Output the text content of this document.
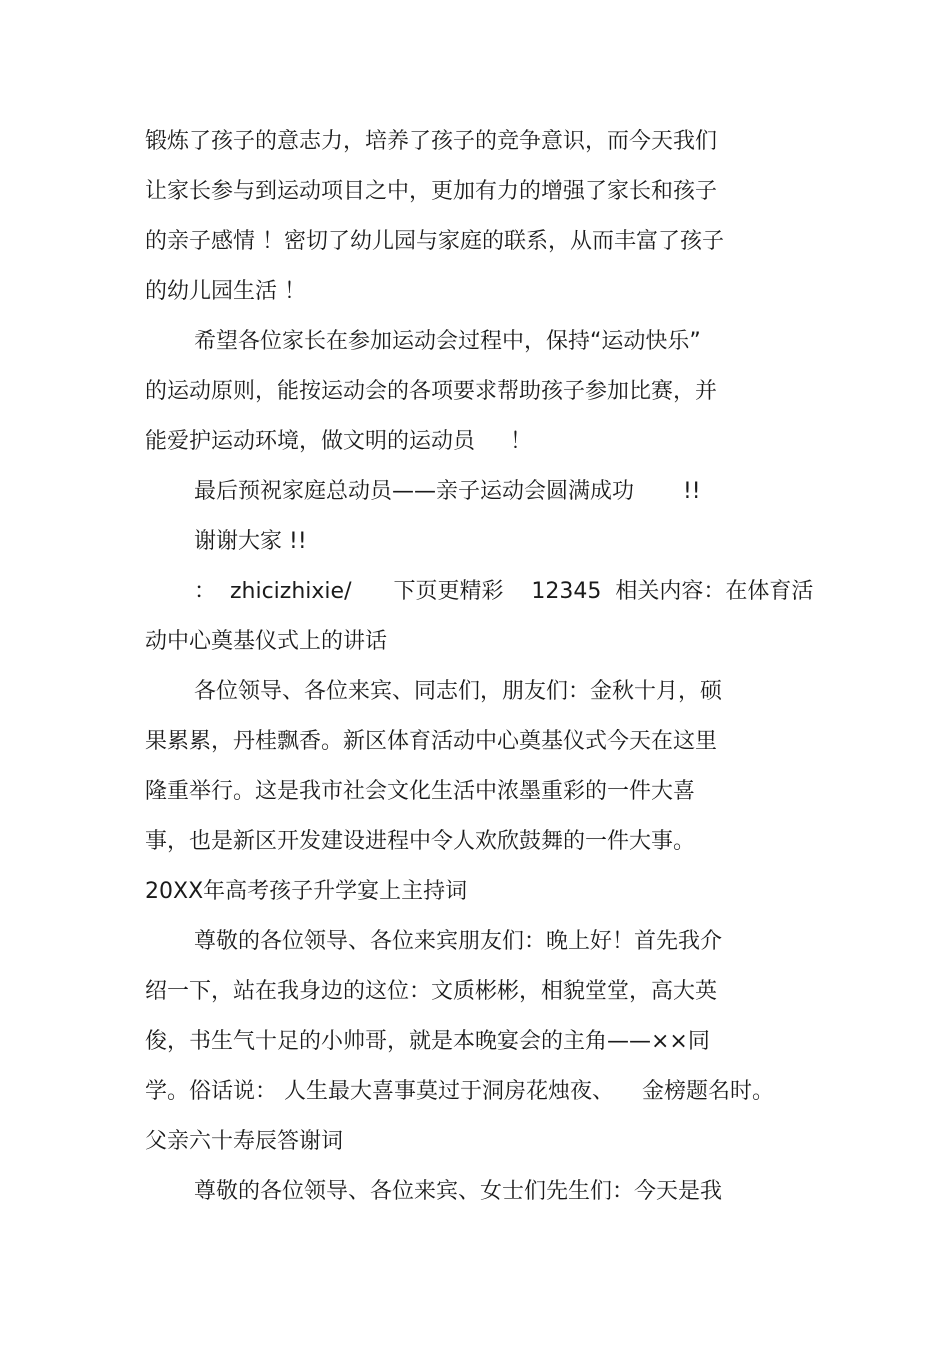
锻炼了孩子的意志力，培养了孩子的竞争意识，而今天我们
让家长参与到运动项目之中，更加有力的增强了家长和孩子
的亲子感情 ！密切了幼儿园与家庭的联系，从而丰富了孩子
的幼儿园生活 ！
希望各位家长在参加运动会过程中，保持“运动快乐”
的运动原则，能按运动会的各项要求帮助孩子参加比赛，并
能爱护运动环境，做文明的运动员     ！
最后预祝家庭总动员——亲子运动会圆满成功       !!
谢谢大家 !!
：  zhicizhixie/      下页更精彩    12345  相关内容：在体育活
动中心奠基仪式上的讲话
各位领导、各位来宾、同志们，朋友们：金秋十月，硕
果累累，丹桂飘香。新区体育活动中心奠基仪式今天在这里
隆重举行。这是我市社会文化生活中浓墨重彩的一件大喜
事，也是新区开发建设进程中令人欢欣鼓舞的一件大事。
20XX年高考孩子升学宴上主持词
尊敬的各位领导、各位来宾朋友们：晚上好！首先我介
绍一下，站在我身边的这位：文质彬彬，相貌堂堂，高大英
俊，书生气十足的小帅哥，就是本晚宴会的主角——××同
学。俗话说： 人生最大喜事莫过于洞房花烛夜、    金榜题名时。
父亲六十寿辰答谢词
尊敬的各位领导、各位来宾、女士们先生们：今天是我
